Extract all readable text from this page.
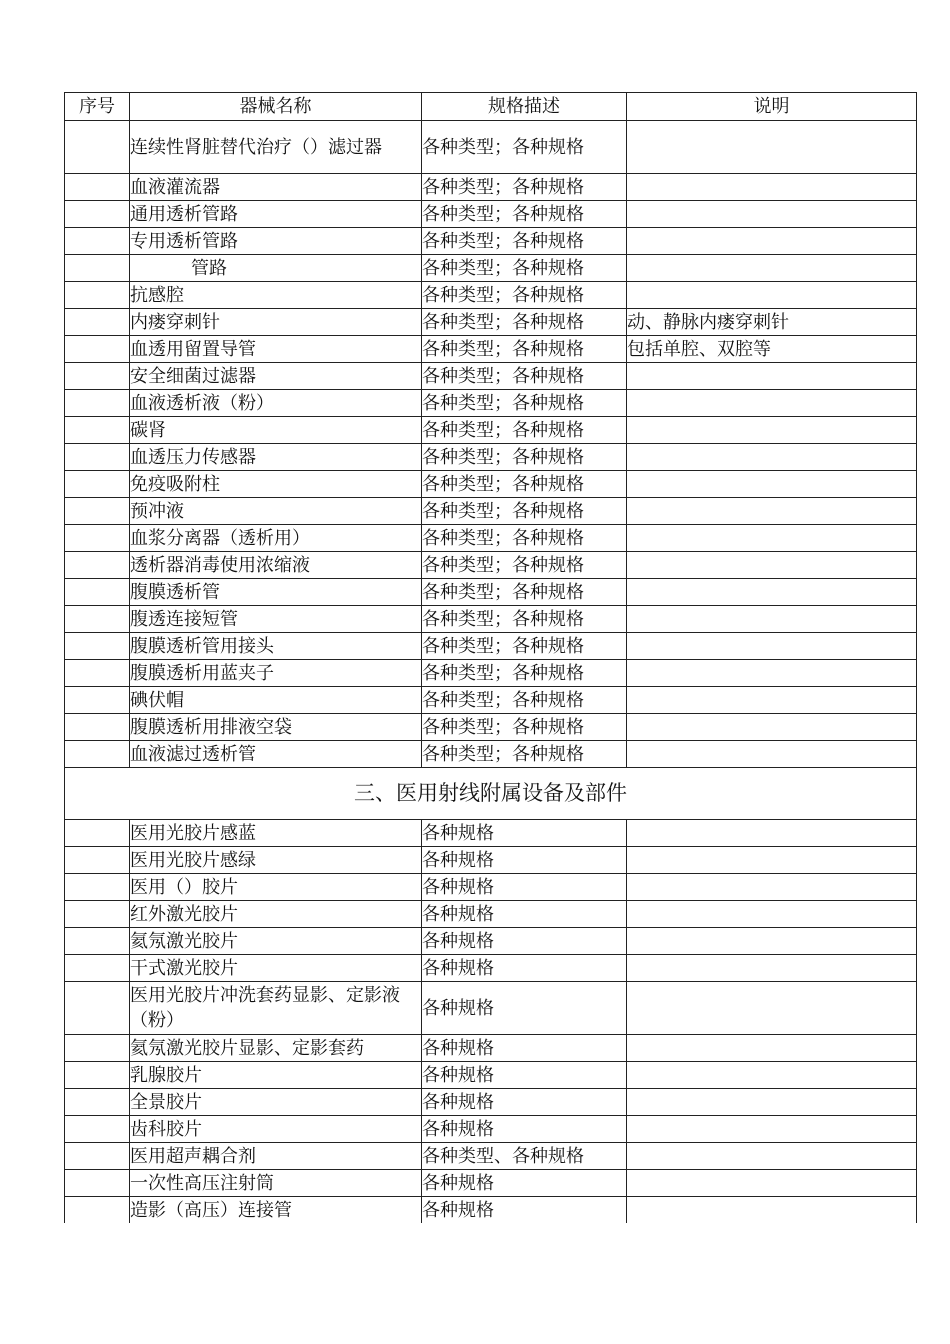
序号	器械名称	规格描述	说明
	连续性肾脏替代治疗（）滤过器	各种类型；各种规格	
	血液灌流器	各种类型；各种规格	
	通用透析管路	各种类型；各种规格	
	专用透析管路	各种类型；各种规格	
	管路	各种类型；各种规格	
	抗感腔	各种类型；各种规格	
	内瘘穿刺针	各种类型；各种规格	动、静脉内瘘穿刺针
	血透用留置导管	各种类型；各种规格	包括单腔、双腔等
	安全细菌过滤器	各种类型；各种规格	
	血液透析液（粉）	各种类型；各种规格	
	碳肾	各种类型；各种规格	
	血透压力传感器	各种类型；各种规格	
	免疫吸附柱	各种类型；各种规格	
	预冲液	各种类型；各种规格	
	血浆分离器（透析用）	各种类型；各种规格	
	透析器消毒使用浓缩液	各种类型；各种规格	
	腹膜透析管	各种类型；各种规格	
	腹透连接短管	各种类型；各种规格	
	腹膜透析管用接头	各种类型；各种规格	
	腹膜透析用蓝夹子	各种类型；各种规格	
	碘伏帽	各种类型；各种规格	
	腹膜透析用排液空袋	各种类型；各种规格	
	血液滤过透析管	各种类型；各种规格	
三、医用射线附属设备及部件			
	医用光胶片感蓝	各种规格	
	医用光胶片感绿	各种规格	
	医用（）胶片	各种规格	
	红外激光胶片	各种规格	
	氦氖激光胶片	各种规格	
	干式激光胶片	各种规格	
	医用光胶片冲洗套药显影、定影液（粉）	各种规格	
	氦氖激光胶片显影、定影套药	各种规格	
	乳腺胶片	各种规格	
	全景胶片	各种规格	
	齿科胶片	各种规格	
	医用超声耦合剂	各种类型、各种规格	
	一次性高压注射筒	各种规格	
	造影（高压）连接管	各种规格	
